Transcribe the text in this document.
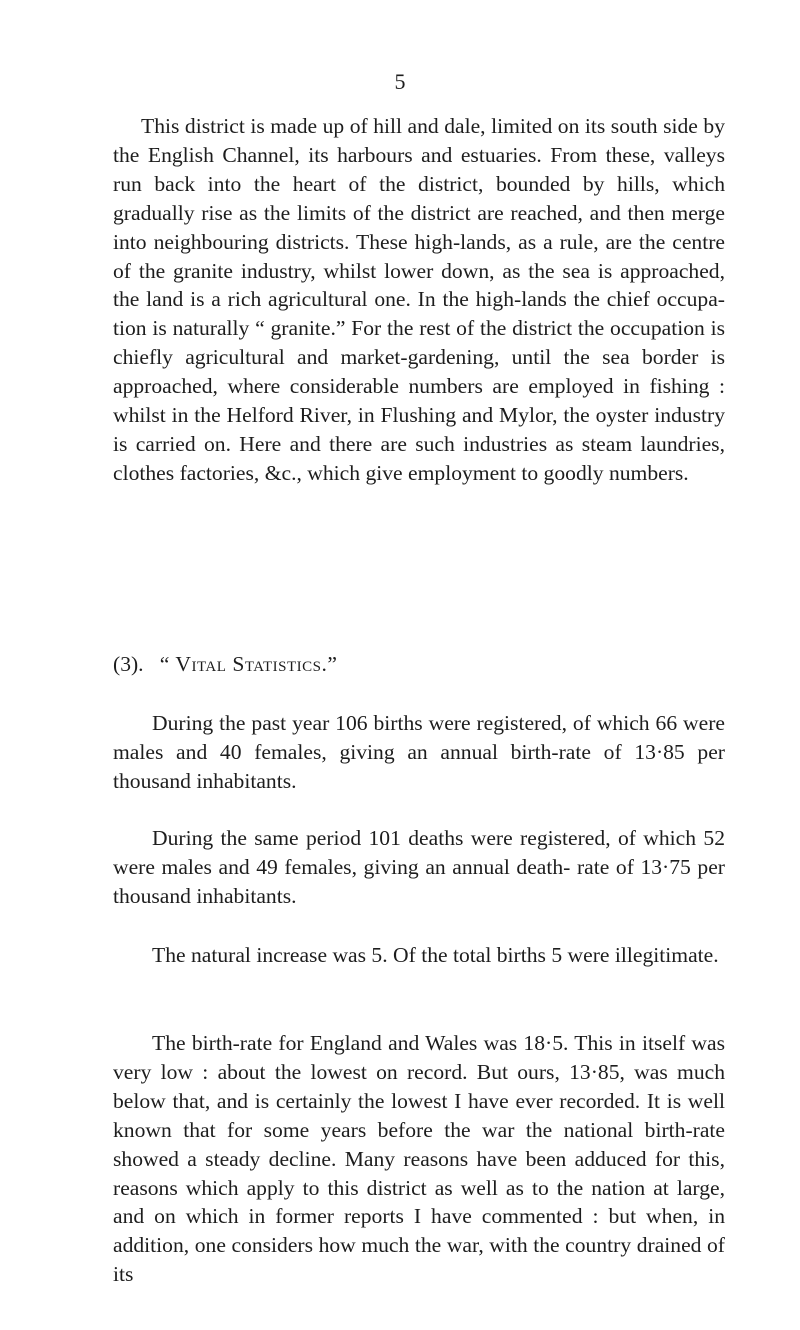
5

This district is made up of hill and dale, limited on its south side by the English Channel, its harbours and estuaries. From these, valleys run back into the heart of the district, bounded by hills, which gradually rise as the limits of the district are reached, and then merge into neighbouring districts. These high-lands, as a rule, are the centre of the granite industry, whilst lower down, as the sea is approached, the land is a rich agricultural one. In the high-lands the chief occupa- tion is naturally “ granite.” For the rest of the district the occupation is chiefly agricultural and market-gardening, until the sea border is approached, where considerable numbers are employed in fishing : whilst in the Helford River, in Flushing and Mylor, the oyster industry is carried on. Here and there are such industries as steam laundries, clothes factories, &c., which give employment to goodly numbers.

(3). “ Vital Statistics.”

During the past year 106 births were registered, of which 66 were males and 40 females, giving an annual birth-rate of 13·85 per thousand inhabitants.

During the same period 101 deaths were registered, of which 52 were males and 49 females, giving an annual death- rate of 13·75 per thousand inhabitants.

The natural increase was 5. Of the total births 5 were illegitimate.

The birth-rate for England and Wales was 18·5. This in itself was very low : about the lowest on record. But ours, 13·85, was much below that, and is certainly the lowest I have ever recorded. It is well known that for some years before the war the national birth-rate showed a steady decline. Many reasons have been adduced for this, reasons which apply to this district as well as to the nation at large, and on which in former reports I have commented : but when, in addition, one considers how much the war, with the country drained of its
